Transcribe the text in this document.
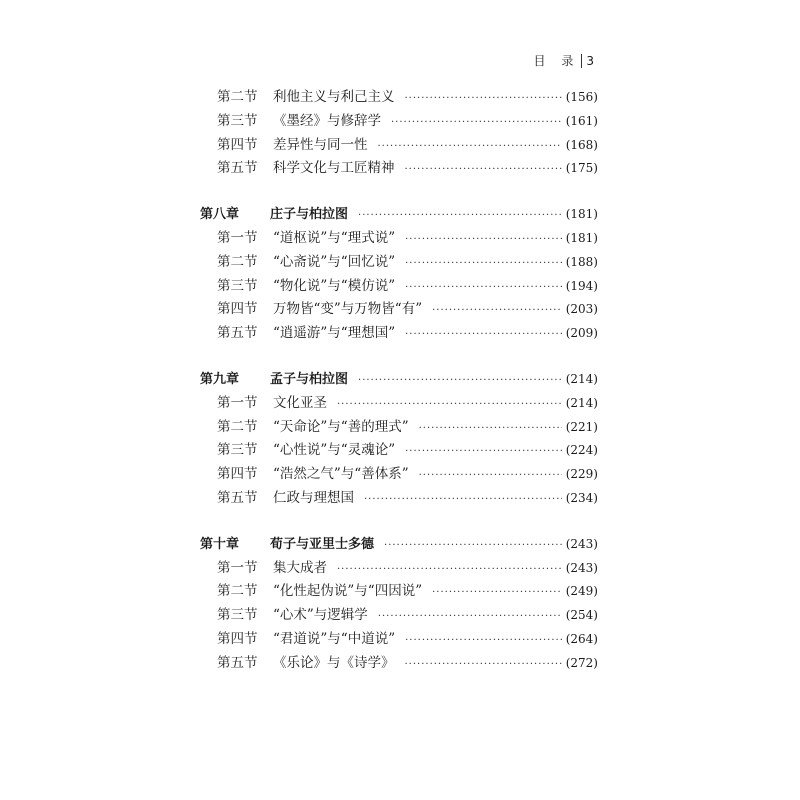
目 录 3
第二节	利他主义与利己主义 ·····	(156)
第三节	《墨经》与修辞学 ·····	(161)
第四节	差异性与同一性 ·····	(168)
第五节	科学文化与工匠精神 ·····	(175)
第八章	庄子与柏拉图 ·····	(181)
第一节	“道枢说”与“理式说” ·····	(181)
第二节	“心斋说”与“回忆说” ·····	(188)
第三节	“物化说”与“模仿说” ·····	(194)
第四节	万物皆“变”与万物皆“有” ·····	(203)
第五节	“逍遥游”与“理想国” ·····	(209)
第九章	孟子与柏拉图 ·····	(214)
第一节	文化亚圣 ·····	(214)
第二节	“天命论”与“善的理式” ·····	(221)
第三节	“心性说”与“灵魂论” ·····	(224)
第四节	“浩然之气”与“善体系” ·····	(229)
第五节	仁政与理想国 ·····	(234)
第十章	荀子与亚里士多德 ·····	(243)
第一节	集大成者 ·····	(243)
第二节	“化性起伪说”与“四因说” ·····	(249)
第三节	“心术”与逻辑学 ·····	(254)
第四节	“君道说”与“中道说” ·····	(264)
第五节	《乐论》与《诗学》 ·····	(272)
